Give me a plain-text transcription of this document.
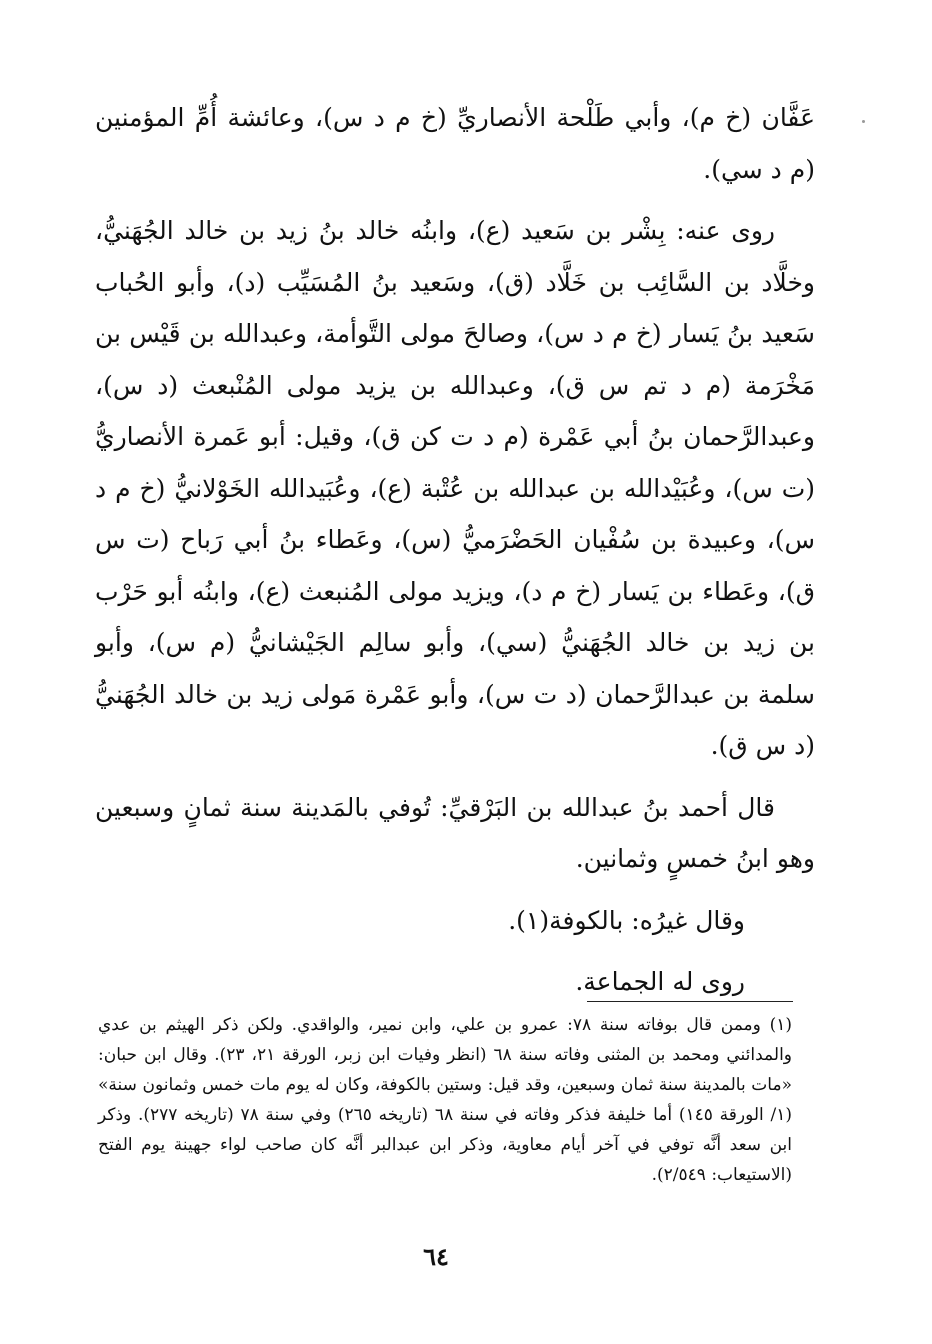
عَفَّان (خ م)، وأبي طَلْحة الأنصاريِّ (خ م د س)، وعائشة أُمِّ المؤمنين (م د سي).

روى عنه: بِشْر بن سَعيد (ع)، وابنُه خالد بنُ زيد بن خالد الجُهَنيُّ، وخلَّاد بن السَّائِب بن خَلَّاد (ق)، وسَعيد بنُ المُسَيِّب (د)، وأبو الحُباب سَعيد بنُ يَسار (خ م د س)، وصالحَ مولى التَّوأمة، وعبدالله بن قَيْس بن مَخْرَمة (م د تم س ق)، وعبدالله بن يزيد مولى المُنْبعث (د س)، وعبدالرَّحمان بنُ أبي عَمْرة (م د ت كن ق)، وقيل: أبو عَمرة الأنصاريُّ (ت س)، وعُبَيْدالله بن عبدالله بن عُتْبة (ع)، وعُبَيدالله الخَوْلانيُّ (خ م د س)، وعبيدة بن سُفْيان الحَضْرَميُّ (س)، وعَطاء بنُ أبي رَباح (ت س ق)، وعَطاء بن يَسار (خ م د)، ويزيد مولى المُنبعث (ع)، وابنُه أبو حَرْب بن زيد بن خالد الجُهَنيُّ (سي)، وأبو سالِم الجَيْشانيُّ (م س)، وأبو سلمة بن عبدالرَّحمان (د ت س)، وأبو عَمْرة مَولى زيد بن خالد الجُهَنيُّ (د س ق).

قال أحمد بنُ عبدالله بن البَرْقيِّ: تُوفي بالمَدينة سنة ثمانٍ وسبعين وهو ابنُ خمسٍ وثمانين.

وقال غيرُه: بالكوفة(١).

روى له الجماعة.

(١) وممن قال بوفاته سنة ٧٨: عمرو بن علي، وابن نمير، والواقدي. ولكن ذكر الهيثم بن عدي والمدائني ومحمد بن المثنى وفاته سنة ٦٨ (انظر وفيات ابن زبر، الورقة ٢١، ٢٣). وقال ابن حبان: «مات بالمدينة سنة ثمان وسبعين، وقد قيل: وستين بالكوفة، وكان له يوم مات خمس وثمانون سنة» (١/ الورقة ١٤٥) أما خليفة فذكر وفاته في سنة ٦٨ (تاريخه ٢٦٥) وفي سنة ٧٨ (تاريخه ٢٧٧). وذكر ابن سعد أنَّه توفي في آخر أيام معاوية، وذكر ابن عبدالبر أنَّه كان صاحب لواء جهينة يوم الفتح (الاستيعاب: ٢/٥٤٩).

٦٤
